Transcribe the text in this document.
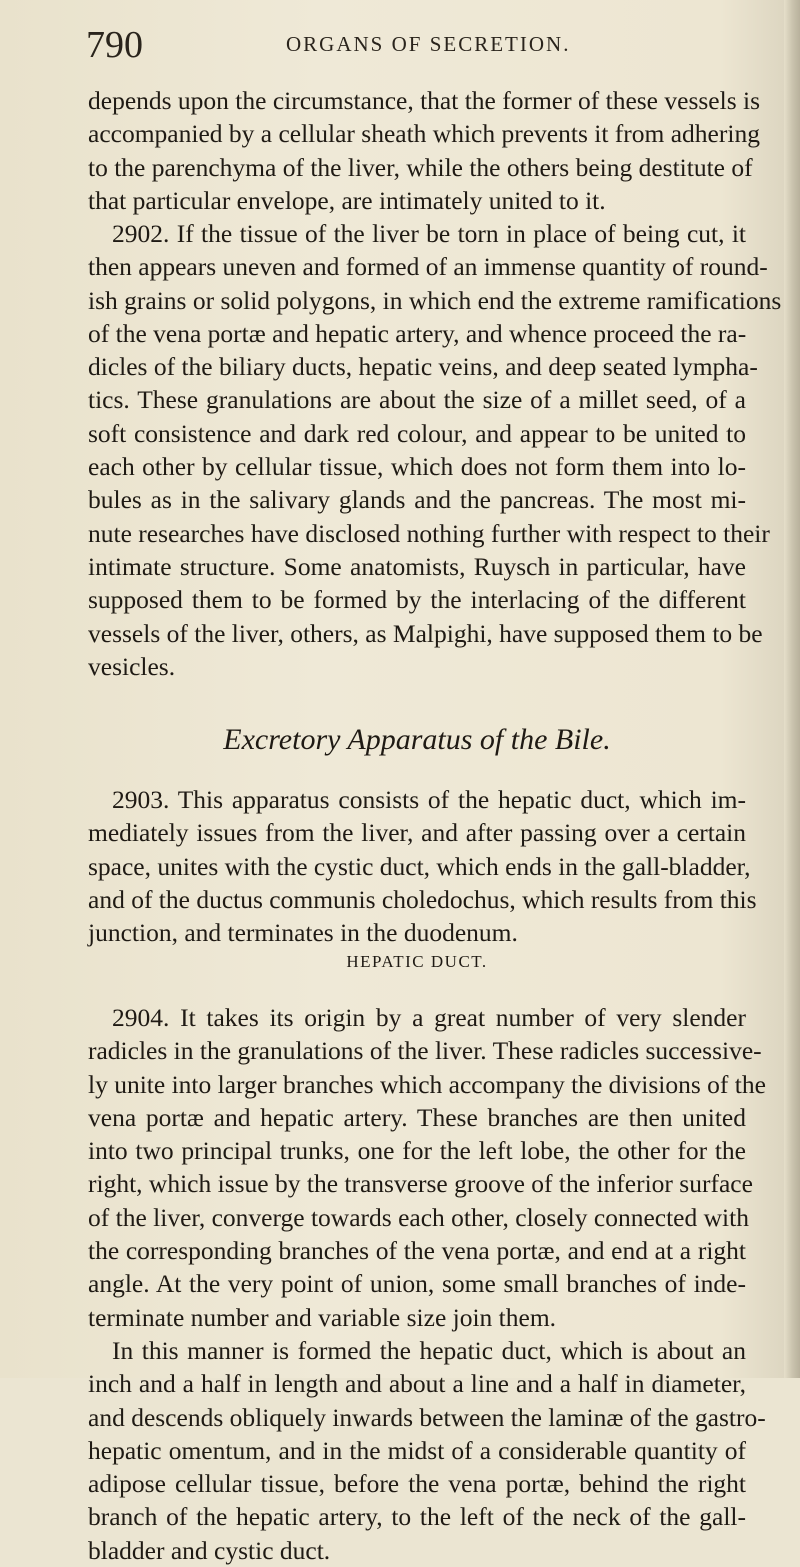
790	ORGANS OF SECRETION.
depends upon the circumstance, that the former of these vessels is
accompanied by a cellular sheath which prevents it from adhering
to the parenchyma of the liver, while the others being destitute of
that particular envelope, are intimately united to it.
2902. If the tissue of the liver be torn in place of being cut, it
then appears uneven and formed of an immense quantity of round-
ish grains or solid polygons, in which end the extreme ramifications
of the vena portæ and hepatic artery, and whence proceed the ra-
dicles of the biliary ducts, hepatic veins, and deep seated lympha-
tics. These granulations are about the size of a millet seed, of a
soft consistence and dark red colour, and appear to be united to
each other by cellular tissue, which does not form them into lo-
bules as in the salivary glands and the pancreas. The most mi-
nute researches have disclosed nothing further with respect to their
intimate structure. Some anatomists, Ruysch in particular, have
supposed them to be formed by the interlacing of the different
vessels of the liver, others, as Malpighi, have supposed them to be
vesicles.
Excretory Apparatus of the Bile.
2903. This apparatus consists of the hepatic duct, which im-
mediately issues from the liver, and after passing over a certain
space, unites with the cystic duct, which ends in the gall-bladder,
and of the ductus communis choledochus, which results from this
junction, and terminates in the duodenum.
HEPATIC DUCT.
2904. It takes its origin by a great number of very slender
radicles in the granulations of the liver. These radicles successive-
ly unite into larger branches which accompany the divisions of the
vena portæ and hepatic artery. These branches are then united
into two principal trunks, one for the left lobe, the other for the
right, which issue by the transverse groove of the inferior surface
of the liver, converge towards each other, closely connected with
the corresponding branches of the vena portæ, and end at a right
angle. At the very point of union, some small branches of inde-
terminate number and variable size join them.
In this manner is formed the hepatic duct, which is about an
inch and a half in length and about a line and a half in diameter,
and descends obliquely inwards between the laminæ of the gastro-
hepatic omentum, and in the midst of a considerable quantity of
adipose cellular tissue, before the vena portæ, behind the right
branch of the hepatic artery, to the left of the neck of the gall-
bladder and cystic duct.
